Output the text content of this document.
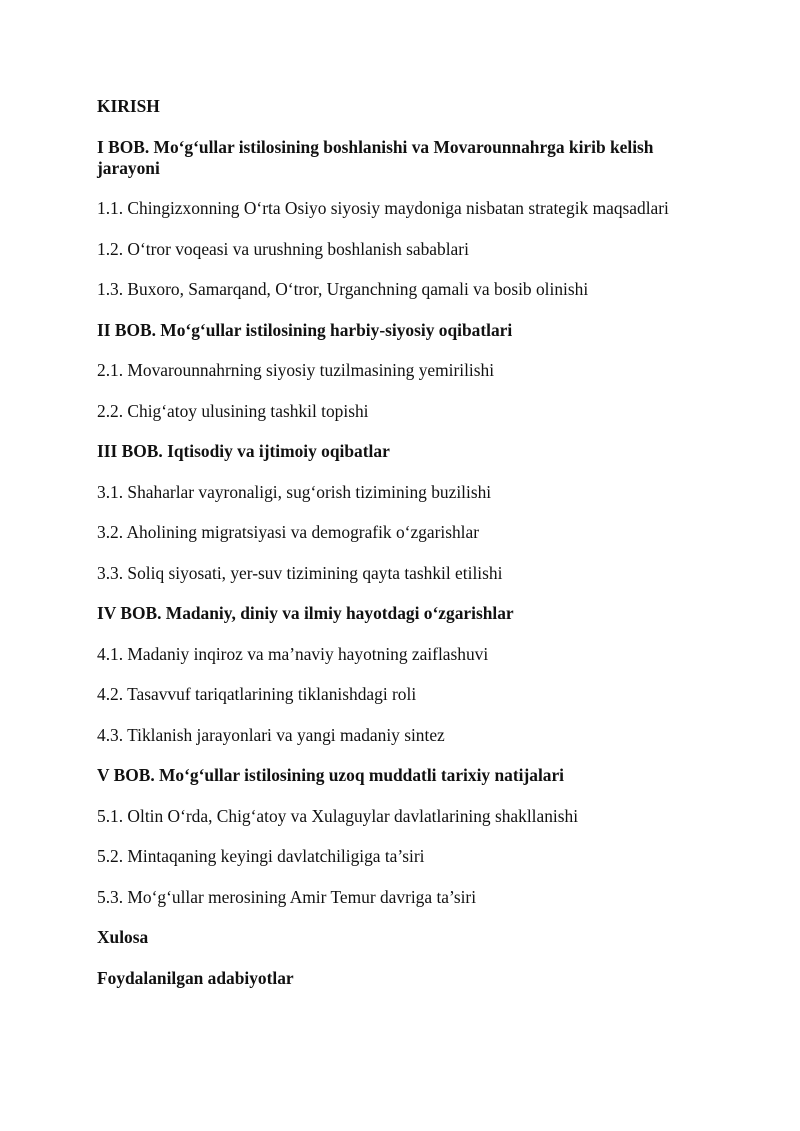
KIRISH

I BOB. Mo‘g‘ullar istilosining boshlanishi va Movarounnahrga kirib kelish jarayoni

1.1. Chingizxonning O‘rta Osiyo siyosiy maydoniga nisbatan strategik maqsadlari

1.2. O‘tror voqeasi va urushning boshlanish sabablari

1.3. Buxoro, Samarqand, O‘tror, Urganchning qamali va bosib olinishi

II BOB. Mo‘g‘ullar istilosining harbiy-siyosiy oqibatlari

2.1. Movarounnahrning siyosiy tuzilmasining yemirilishi

2.2. Chig‘atoy ulusining tashkil topishi

III BOB. Iqtisodiy va ijtimoiy oqibatlar

3.1. Shaharlar vayronaligi, sug‘orish tizimining buzilishi

3.2. Aholining migratsiyasi va demografik o‘zgarishlar

3.3. Soliq siyosati, yer-suv tizimining qayta tashkil etilishi

IV BOB. Madaniy, diniy va ilmiy hayotdagi o‘zgarishlar

4.1. Madaniy inqiroz va ma’naviy hayotning zaiflashuvi

4.2. Tasavvuf tariqatlarining tiklanishdagi roli

4.3. Tiklanish jarayonlari va yangi madaniy sintez

V BOB. Mo‘g‘ullar istilosining uzoq muddatli tarixiy natijalari

5.1. Oltin O‘rda, Chig‘atoy va Xulaguylar davlatlarining shakllanishi

5.2. Mintaqaning keyingi davlatchiligiga ta’siri

5.3. Mo‘g‘ullar merosining Amir Temur davriga ta’siri

Xulosa

Foydalanilgan adabiyotlar
